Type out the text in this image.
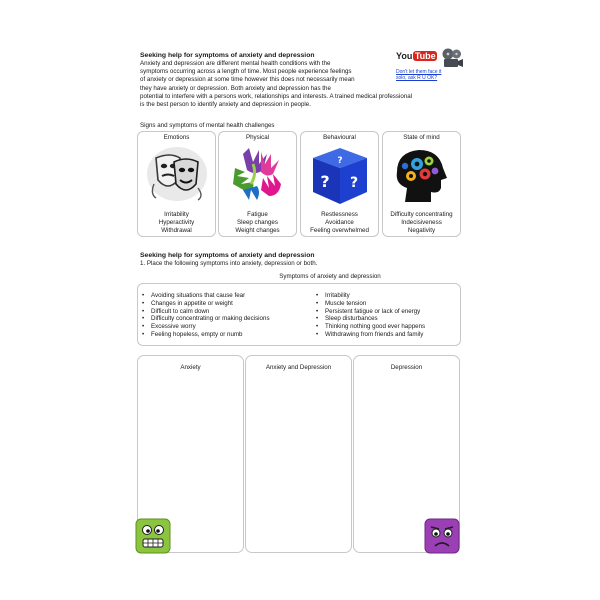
Seeking help for symptoms of anxiety and depression

Anxiety and depression are different mental health conditions with the

symptoms occurring across a length of time. Most people experience feelings

of anxiety or depression at some time however this does not necessarily mean

they have anxiety or depression. Both anxiety and depression has the

potential to interfere with a persons work, relationships and interests. A trained medical professional

is the best person to identify anxiety and depression in people.

You Tube
Don't let them face it
solo, ask R U OK?
Signs and symptoms of mental health challenges
Emotions
Irritability
Hyperactivity
Withdrawal
Physical
Fatigue
Sleep changes
Weight changes
Behavioural
?
? ?
Restlessness
Avoidance
Feeling overwhelmed
State of mind
Difficulty concentrating
Indecisiveness
Negativity
Seeking help for symptoms of anxiety and depression
1. Place the following symptoms into anxiety, depression or both.
Symptoms of anxiety and depression
• Avoiding situations that cause fear
• Changes in appetite or weight
• Difficult to calm down
• Difficulty concentrating or making decisions
• Excessive worry
• Feeling hopeless, empty or numb
• Irritability
• Muscle tension
• Persistent fatigue or lack of energy
• Sleep disturbances
• Thinking nothing good ever happens
• Withdrawing from friends and family
Anxiety	Anxiety and Depression	Depression
